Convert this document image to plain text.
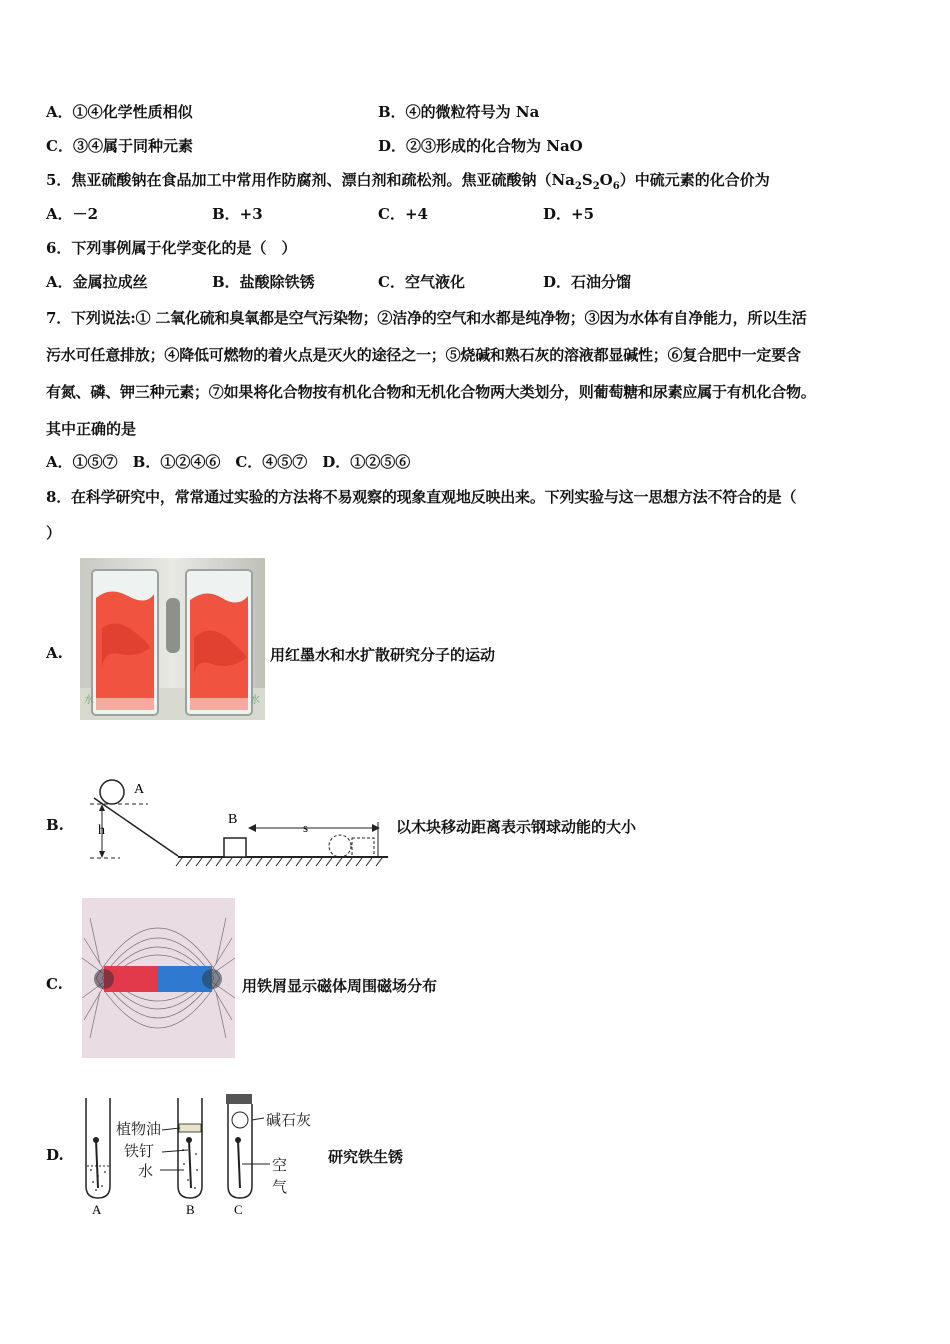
A．①④化学性质相似	B．④的微粒符号为 Na
C．③④属于同种元素	D．②③形成的化合物为 NaO
5．焦亚硫酸钠在食品加工中常用作防腐剂、漂白剂和疏松剂。焦亚硫酸钠$(Na_2S_2O_6)$中硫元素的化合价为
A．－2	B．+3	C．+4	D．+5
6．下列事例属于化学变化的是（　）
A．金属拉成丝	B．盐酸除铁锈	C．空气液化	D．石油分馏
7．下列说法:① 二氧化硫和臭氧都是空气污染物；②洁净的空气和水都是纯净物；③因为水体有自净能力，所以生活
污水可任意排放；④降低可燃物的着火点是灭火的途径之一；⑤烧碱和熟石灰的溶液都显碱性；⑥复合肥中一定要含
有氮、磷、钾三种元素；⑦如果将化合物按有机化合物和无机化合物两大类划分，则葡萄糖和尿素应属于有机化合物。
其中正确的是
A．①⑤⑦　B．①②④⑥　C．④⑤⑦　D．①②⑤⑥
8．在科学研究中，常常通过实验的方法将不易观察的现象直观地反映出来。下列实验与这一思想方法不符合的是（
）
A.
水	水
用红墨水和水扩散研究分子的运动
B.
A
h
B
s	以木块移动距离表示钢球动能的大小
C.	用铁屑显示磁体周围磁场分布
D.
A	B	C
植物油
铁钉
水
碱石灰
空
气
研究铁生锈
